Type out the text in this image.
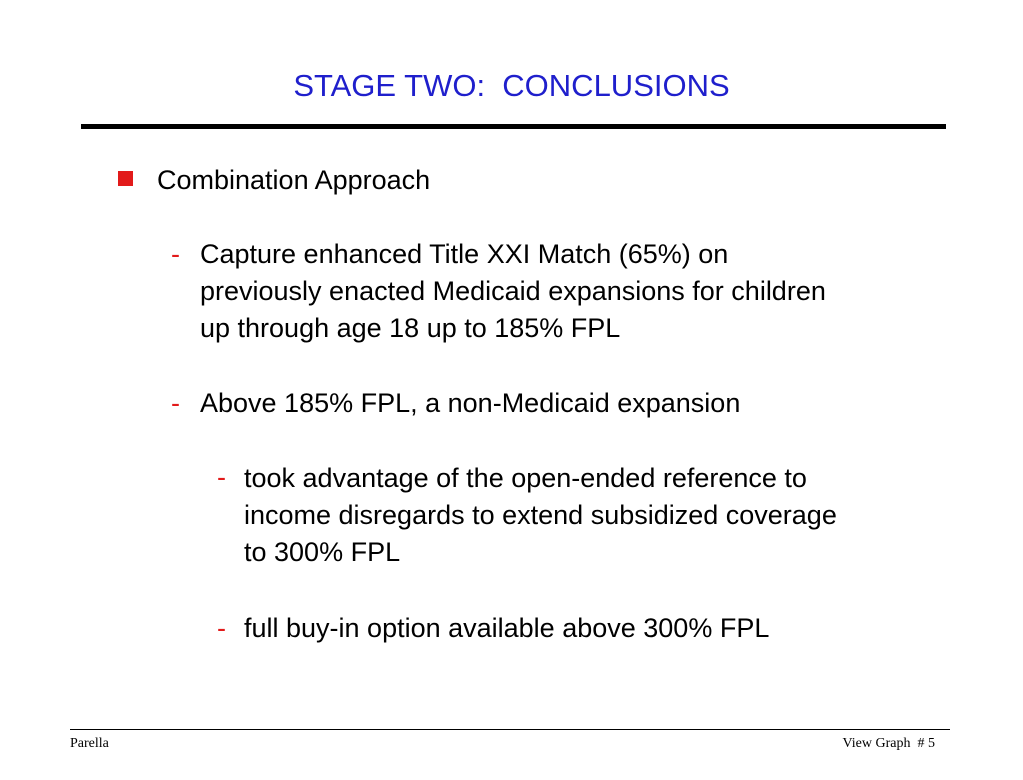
STAGE TWO:  CONCLUSIONS
Combination Approach
- Capture enhanced Title XXI Match (65%) on
previously enacted Medicaid expansions for children
up through age 18 up to 185% FPL
- Above 185% FPL, a non-Medicaid expansion
- took advantage of the open-ended reference to
income disregards to extend subsidized coverage
to 300% FPL
- full buy-in option available above 300% FPL
Parella	View Graph  # 5
